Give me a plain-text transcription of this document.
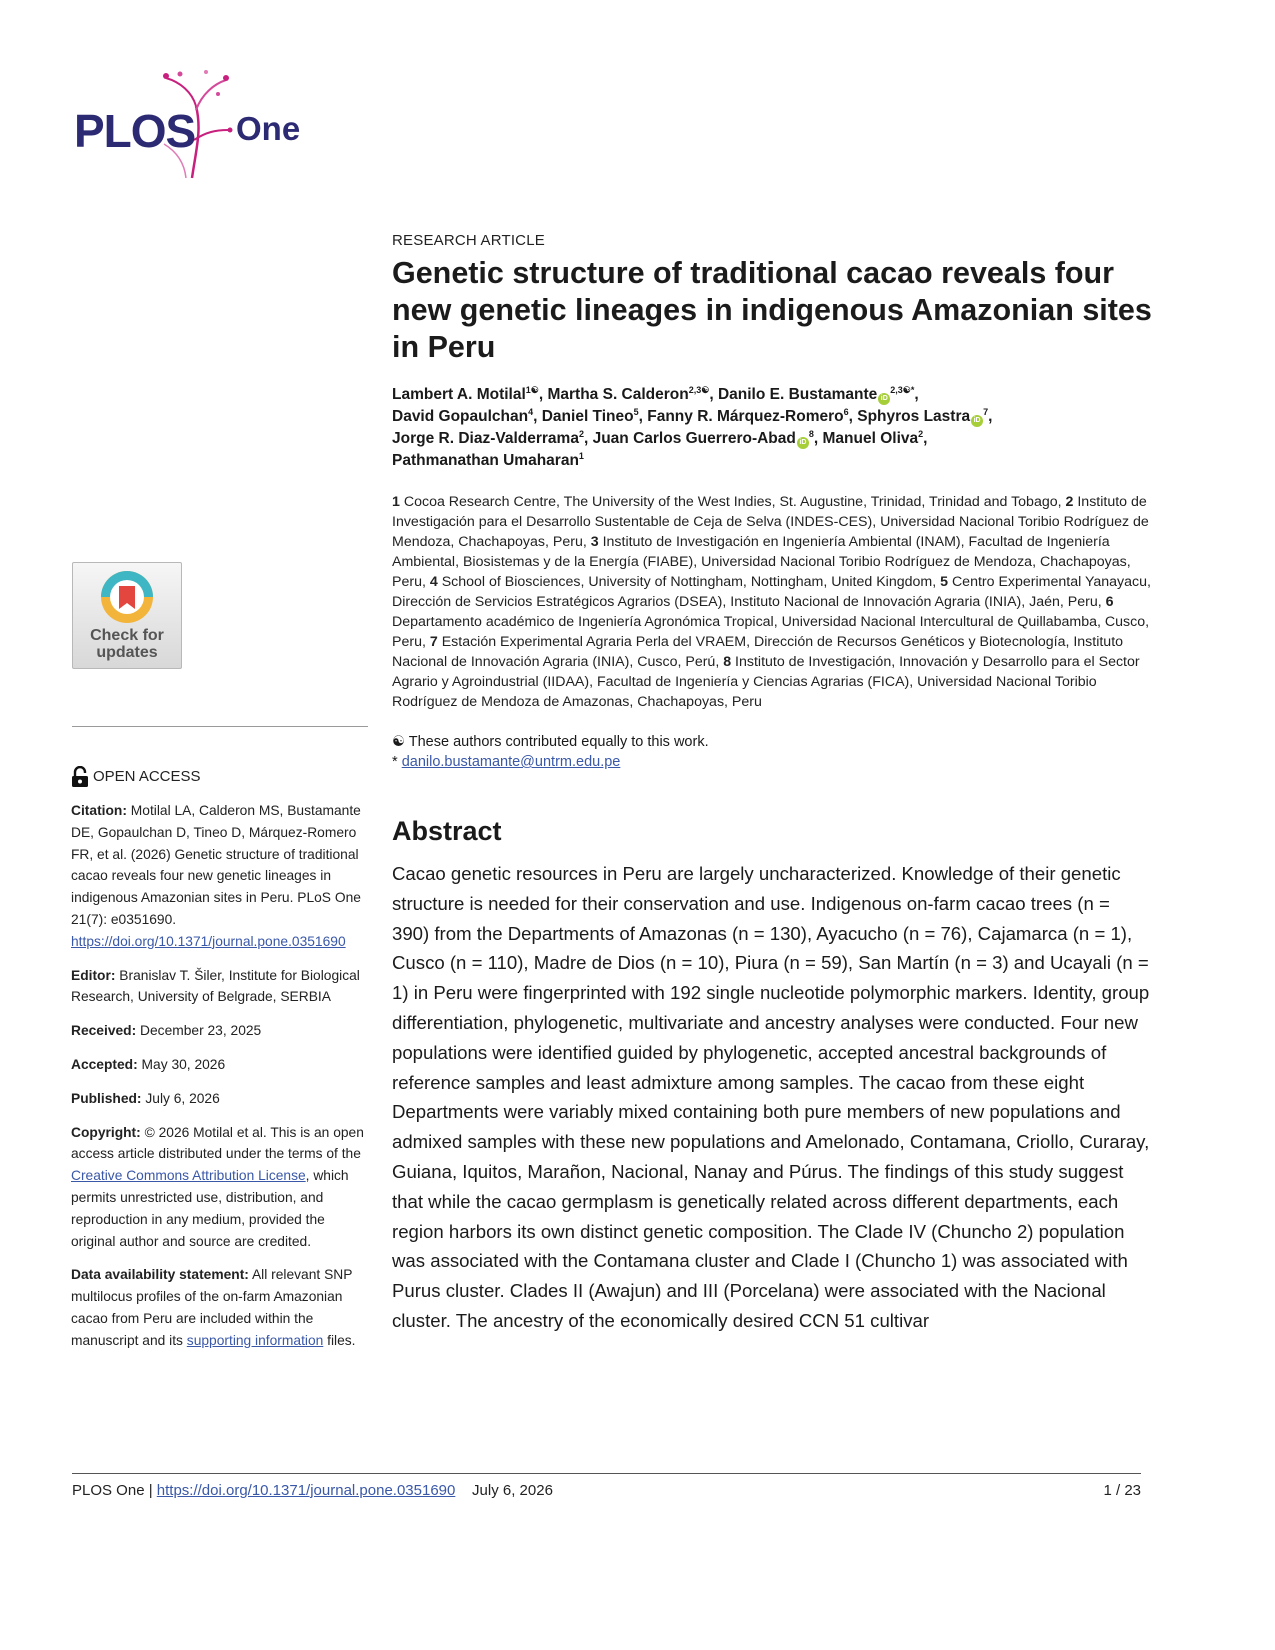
PLOS One
Check for
updates
OPEN ACCESS

Citation: Motilal LA, Calderon MS, Bustamante DE, Gopaulchan D, Tineo D, Márquez-Romero FR, et al. (2026) Genetic structure of traditional cacao reveals four new genetic lineages in indigenous Amazonian sites in Peru. PLoS One 21(7): e0351690. https://doi.org/10.1371/journal.pone.0351690

Editor: Branislav T. Šiler, Institute for Biological Research, University of Belgrade, SERBIA

Received: December 23, 2025

Accepted: May 30, 2026

Published: July 6, 2026

Copyright: © 2026 Motilal et al. This is an open access article distributed under the terms of the Creative Commons Attribution License, which permits unrestricted use, distribution, and reproduction in any medium, provided the original author and source are credited.

Data availability statement: All relevant SNP multilocus profiles of the on-farm Amazonian cacao from Peru are included within the manuscript and its supporting information files.

RESEARCH ARTICLE
Genetic structure of traditional cacao reveals four new genetic lineages in indigenous Amazonian sites in Peru
Lambert A. Motilal$^{1☯}$, Martha S. Calderon$^{2,3☯}$, Danilo E. Bustamante $iD^{2,3☯*}$,
David Gopaulchan$^4$, Daniel Tineo$^5$, Fanny R. Márquez-Romero$^6$, Sphyros Lastra $iD^7$,
Jorge R. Diaz-Valderrama$^2$, Juan Carlos Guerrero-Abad $iD^8$, Manuel Oliva$^2$,
Pathmanathan Umaharan$^1$
1 Cocoa Research Centre, The University of the West Indies, St. Augustine, Trinidad, Trinidad and Tobago, 2 Instituto de Investigación para el Desarrollo Sustentable de Ceja de Selva (INDES-CES), Universidad Nacional Toribio Rodríguez de Mendoza, Chachapoyas, Peru, 3 Instituto de Investigación en Ingeniería Ambiental (INAM), Facultad de Ingeniería Ambiental, Biosistemas y de la Energía (FIABE), Universidad Nacional Toribio Rodríguez de Mendoza, Chachapoyas, Peru, 4 School of Biosciences, University of Nottingham, Nottingham, United Kingdom, 5 Centro Experimental Yanayacu, Dirección de Servicios Estratégicos Agrarios (DSEA), Instituto Nacional de Innovación Agraria (INIA), Jaén, Peru, 6 Departamento académico de Ingeniería Agronómica Tropical, Universidad Nacional Intercultural de Quillabamba, Cusco, Peru, 7 Estación Experimental Agraria Perla del VRAEM, Dirección de Recursos Genéticos y Biotecnología, Instituto Nacional de Innovación Agraria (INIA), Cusco, Perú, 8 Instituto de Investigación, Innovación y Desarrollo para el Sector Agrario y Agroindustrial (IIDAA), Facultad de Ingeniería y Ciencias Agrarias (FICA), Universidad Nacional Toribio Rodríguez de Mendoza de Amazonas, Chachapoyas, Peru
☯ These authors contributed equally to this work.
* danilo.bustamante@untrm.edu.pe
Abstract
Cacao genetic resources in Peru are largely uncharacterized. Knowledge of their genetic structure is needed for their conservation and use. Indigenous on-farm cacao trees (n = 390) from the Departments of Amazonas (n = 130), Ayacucho (n = 76), Cajamarca (n = 1), Cusco (n = 110), Madre de Dios (n = 10), Piura (n = 59), San Martín (n = 3) and Ucayali (n = 1) in Peru were fingerprinted with 192 single nucleotide polymorphic markers. Identity, group differentiation, phylogenetic, multivariate and ancestry analyses were conducted. Four new populations were identified guided by phylogenetic, accepted ancestral backgrounds of reference samples and least admixture among samples. The cacao from these eight Departments were variably mixed containing both pure members of new populations and admixed samples with these new populations and Amelonado, Contamana, Criollo, Curaray, Guiana, Iquitos, Marañon, Nacional, Nanay and Púrus. The findings of this study suggest that while the cacao germplasm is genetically related across different departments, each region harbors its own distinct genetic composition. The Clade IV (Chuncho 2) population was associated with the Contamana cluster and Clade I (Chuncho 1) was associated with Purus cluster. Clades II (Awajun) and III (Porcelana) were associated with the Nacional cluster. The ancestry of the economically desired CCN 51 cultivar
PLOS One | https://doi.org/10.1371/journal.pone.0351690 July 6, 2026	1 / 23
